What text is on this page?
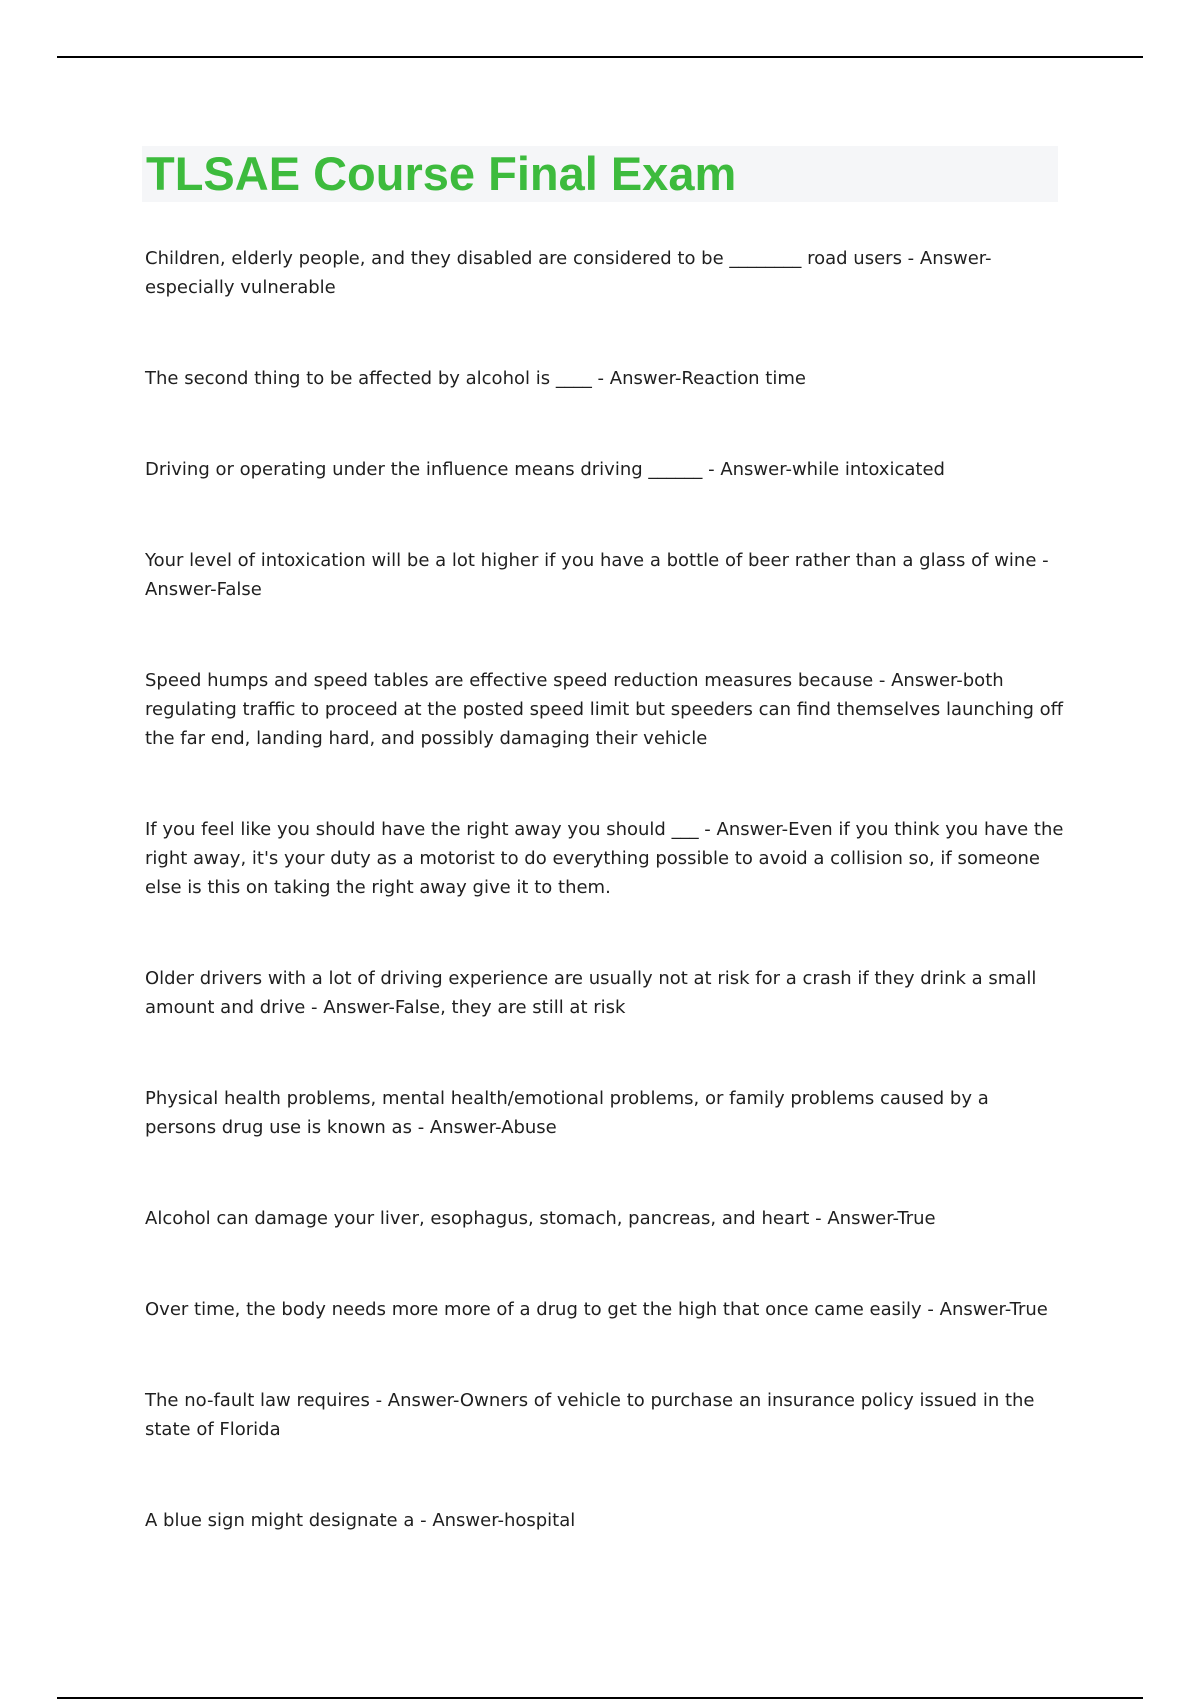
TLSAE Course Final Exam

Children, elderly people, and they disabled are considered to be ________ road users - Answer-especially vulnerable

The second thing to be affected by alcohol is ____ - Answer-Reaction time

Driving or operating under the influence means driving ______ - Answer-while intoxicated

Your level of intoxication will be a lot higher if you have a bottle of beer rather than a glass of wine - Answer-False

Speed humps and speed tables are effective speed reduction measures because - Answer-both regulating traffic to proceed at the posted speed limit but speeders can find themselves launching off the far end, landing hard, and possibly damaging their vehicle

If you feel like you should have the right away you should ___ - Answer-Even if you think you have the right away, it's your duty as a motorist to do everything possible to avoid a collision so, if someone else is this on taking the right away give it to them.

Older drivers with a lot of driving experience are usually not at risk for a crash if they drink a small amount and drive - Answer-False, they are still at risk

Physical health problems, mental health/emotional problems, or family problems caused by a persons drug use is known as - Answer-Abuse

Alcohol can damage your liver, esophagus, stomach, pancreas, and heart - Answer-True

Over time, the body needs more more of a drug to get the high that once came easily - Answer-True

The no-fault law requires - Answer-Owners of vehicle to purchase an insurance policy issued in the state of Florida

A blue sign might designate a - Answer-hospital
